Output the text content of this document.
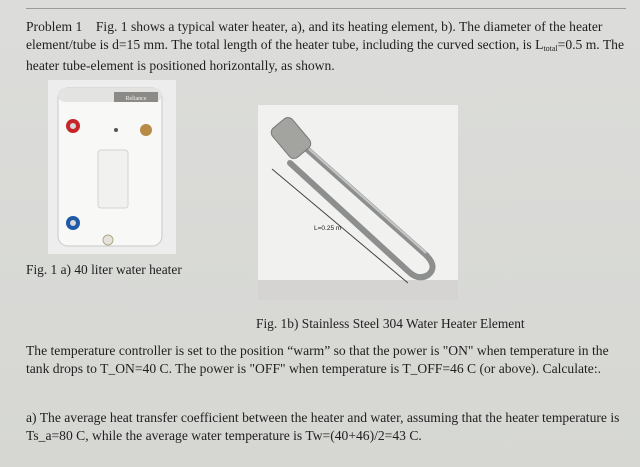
Problem 1 Fig. 1 shows a typical water heater, a), and its heating element, b). The diameter of the heater element/tube is d=15 mm. The total length of the heater tube, including the curved section, is $L_{total}=0.5$ m. The heater tube-element is positioned horizontally, as shown.

Reliance
Fig. 1 a) 40 liter water heater
L=0.25 m
Fig. 1b) Stainless Steel 304 Water Heater Element

The temperature controller is set to the position “warm” so that the power is "ON" when temperature in the tank drops to T_ON=40 C. The power is "OFF" when temperature is T_OFF=46 C (or above). Calculate:.

a) The average heat transfer coefficient between the heater and water, assuming that the heater temperature is Ts_a=80 C, while the average water temperature is Tw=(40+46)/2=43 C.
